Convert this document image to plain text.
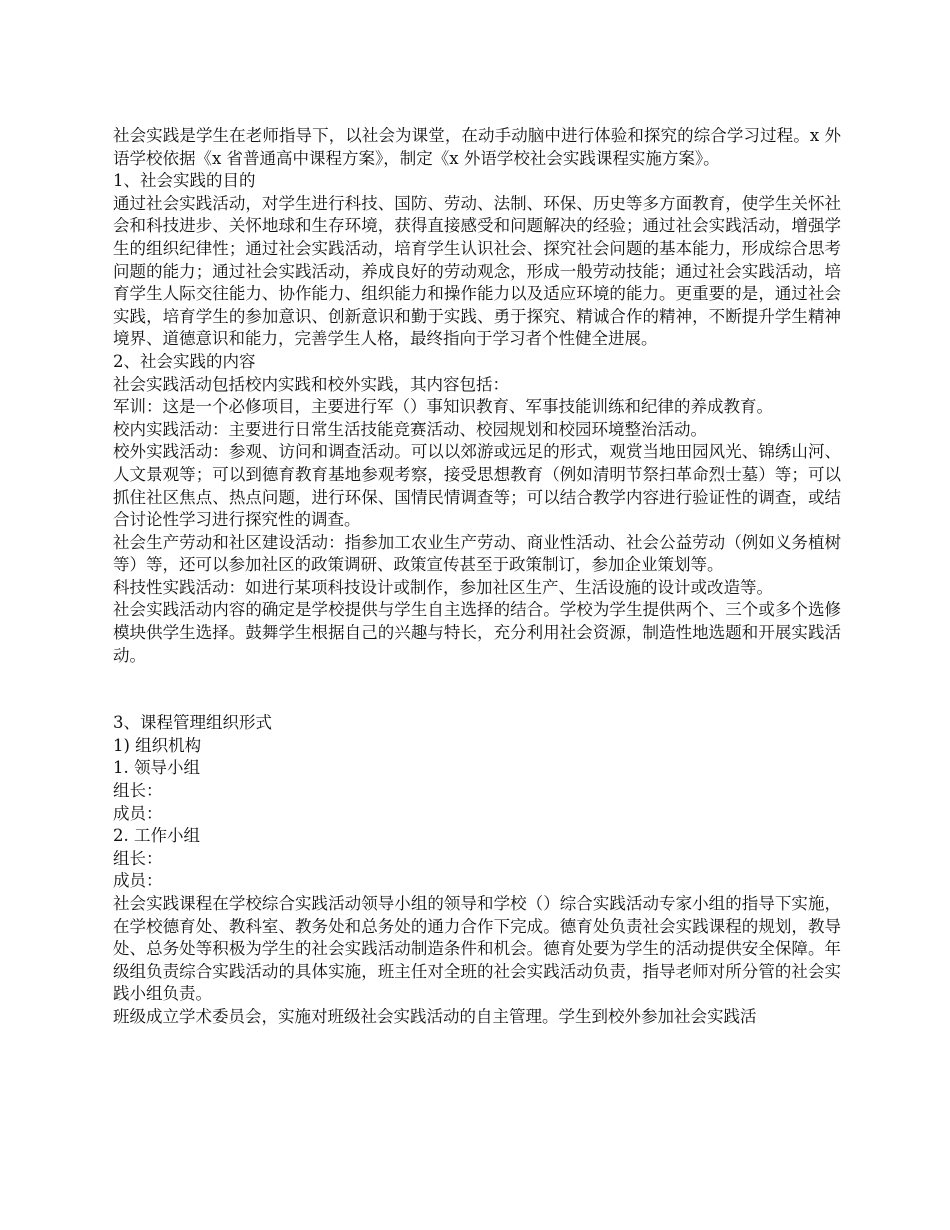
社会实践是学生在老师指导下，以社会为课堂，在动手动脑中进行体验和探究的综合学习过程。x 外语学校依据《x 省普通高中课程方案》，制定《x 外语学校社会实践课程实施方案》。

1、社会实践的目的

通过社会实践活动，对学生进行科技、国防、劳动、法制、环保、历史等多方面教育，使学生关怀社会和科技进步、关怀地球和生存环境，获得直接感受和问题解决的经验；通过社会实践活动，增强学生的组织纪律性；通过社会实践活动，培育学生认识社会、探究社会问题的基本能力，形成综合思考问题的能力；通过社会实践活动，养成良好的劳动观念，形成一般劳动技能；通过社会实践活动，培育学生人际交往能力、协作能力、组织能力和操作能力以及适应环境的能力。更重要的是，通过社会实践，培育学生的参加意识、创新意识和勤于实践、勇于探究、精诚合作的精神，不断提升学生精神境界、道德意识和能力，完善学生人格，最终指向于学习者个性健全进展。

2、社会实践的内容

社会实践活动包括校内实践和校外实践，其内容包括：

军训：这是一个必修项目，主要进行军（）事知识教育、军事技能训练和纪律的养成教育。

校内实践活动：主要进行日常生活技能竞赛活动、校园规划和校园环境整治活动。

校外实践活动：参观、访问和调查活动。可以以郊游或远足的形式，观赏当地田园风光、锦绣山河、人文景观等；可以到德育教育基地参观考察，接受思想教育（例如清明节祭扫革命烈士墓）等；可以抓住社区焦点、热点问题，进行环保、国情民情调查等；可以结合教学内容进行验证性的调查，或结合讨论性学习进行探究性的调查。

社会生产劳动和社区建设活动：指参加工农业生产劳动、商业性活动、社会公益劳动（例如义务植树等）等，还可以参加社区的政策调研、政策宣传甚至于政策制订，参加企业策划等。

科技性实践活动：如进行某项科技设计或制作，参加社区生产、生活设施的设计或改造等。

社会实践活动内容的确定是学校提供与学生自主选择的结合。学校为学生提供两个、三个或多个选修模块供学生选择。鼓舞学生根据自己的兴趣与特长，充分利用社会资源，制造性地选题和开展实践活动。

3、课程管理组织形式

1) 组织机构

1. 领导小组

组长：

成员：

2. 工作小组

组长：

成员：

社会实践课程在学校综合实践活动领导小组的领导和学校（）综合实践活动专家小组的指导下实施，在学校德育处、教科室、教务处和总务处的通力合作下完成。德育处负责社会实践课程的规划，教导处、总务处等积极为学生的社会实践活动制造条件和机会。德育处要为学生的活动提供安全保障。年级组负责综合实践活动的具体实施，班主任对全班的社会实践活动负责，指导老师对所分管的社会实践小组负责。

班级成立学术委员会，实施对班级社会实践活动的自主管理。学生到校外参加社会实践活
